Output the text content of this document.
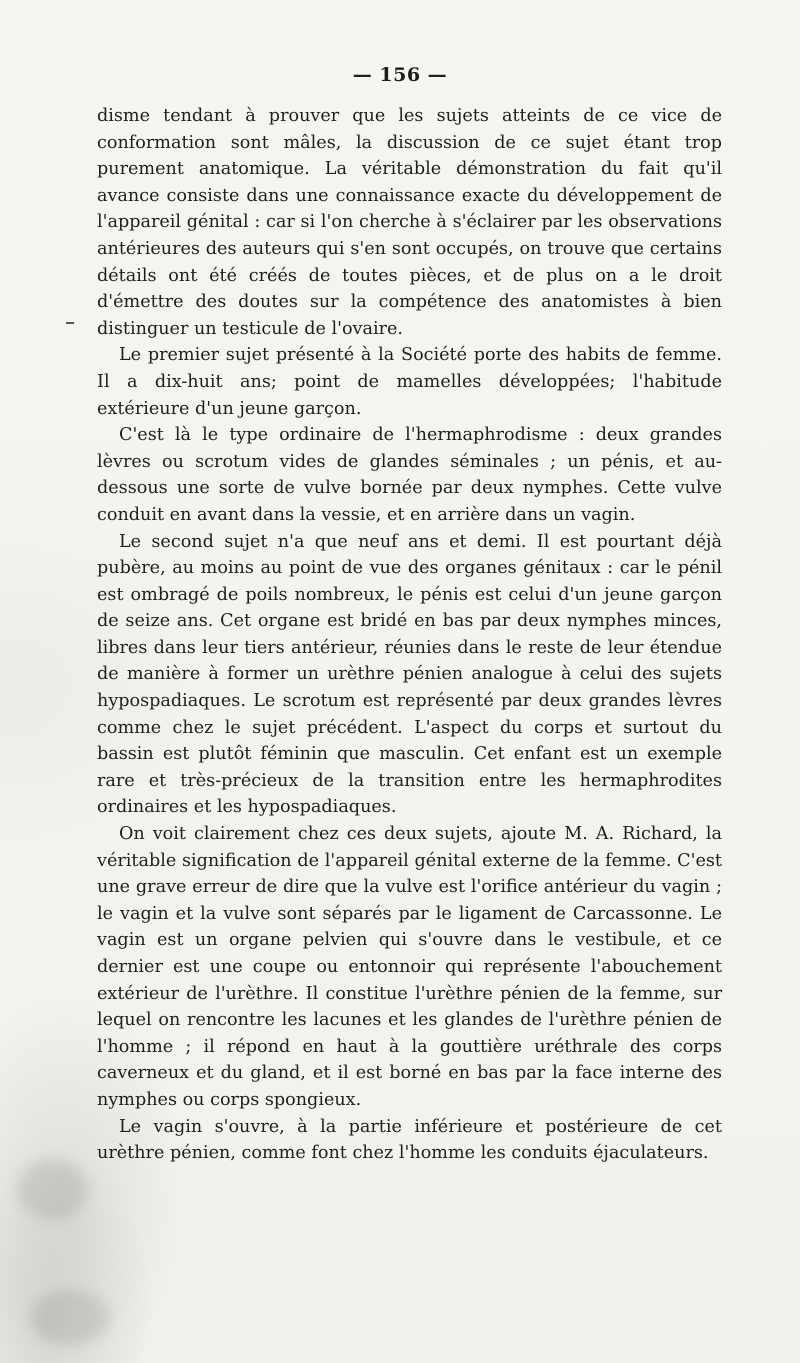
— 156 —

disme tendant à prouver que les sujets atteints de ce vice de conformation sont mâles, la discussion de ce sujet étant trop purement anatomique. La véritable démonstration du fait qu'il avance consiste dans une connaissance exacte du développement de l'appareil génital : car si l'on cherche à s'éclairer par les observations antérieures des auteurs qui s'en sont occupés, on trouve que certains détails ont été créés de toutes pièces, et de plus on a le droit d'émettre des doutes sur la compétence des anatomistes à bien distinguer un testicule de l'ovaire.

Le premier sujet présenté à la Société porte des habits de femme. Il a dix-huit ans; point de mamelles développées; l'habitude extérieure d'un jeune garçon.

C'est là le type ordinaire de l'hermaphrodisme : deux grandes lèvres ou scrotum vides de glandes séminales ; un pénis, et au-dessous une sorte de vulve bornée par deux nymphes. Cette vulve conduit en avant dans la vessie, et en arrière dans un vagin.

Le second sujet n'a que neuf ans et demi. Il est pourtant déjà pubère, au moins au point de vue des organes génitaux : car le pénil est ombragé de poils nombreux, le pénis est celui d'un jeune garçon de seize ans. Cet organe est bridé en bas par deux nymphes minces, libres dans leur tiers antérieur, réunies dans le reste de leur étendue de manière à former un urèthre pénien analogue à celui des sujets hypospadiaques. Le scrotum est représenté par deux grandes lèvres comme chez le sujet précédent. L'aspect du corps et surtout du bassin est plutôt féminin que masculin. Cet enfant est un exemple rare et très-précieux de la transition entre les hermaphrodites ordinaires et les hypospadiaques.

On voit clairement chez ces deux sujets, ajoute M. A. Richard, la véritable signification de l'appareil génital externe de la femme. C'est une grave erreur de dire que la vulve est l'orifice antérieur du vagin ; le vagin et la vulve sont séparés par le ligament de Carcassonne. Le vagin est un organe pelvien qui s'ouvre dans le vestibule, et ce dernier est une coupe ou entonnoir qui représente l'abouchement extérieur de l'urèthre. Il constitue l'urèthre pénien de la femme, sur lequel on rencontre les lacunes et les glandes de l'urèthre pénien de l'homme ; il répond en haut à la gouttière uréthrale des corps caverneux et du gland, et il est borné en bas par la face interne des nymphes ou corps spongieux.

Le vagin s'ouvre, à la partie inférieure et postérieure de cet urèthre pénien, comme font chez l'homme les conduits éjaculateurs.
